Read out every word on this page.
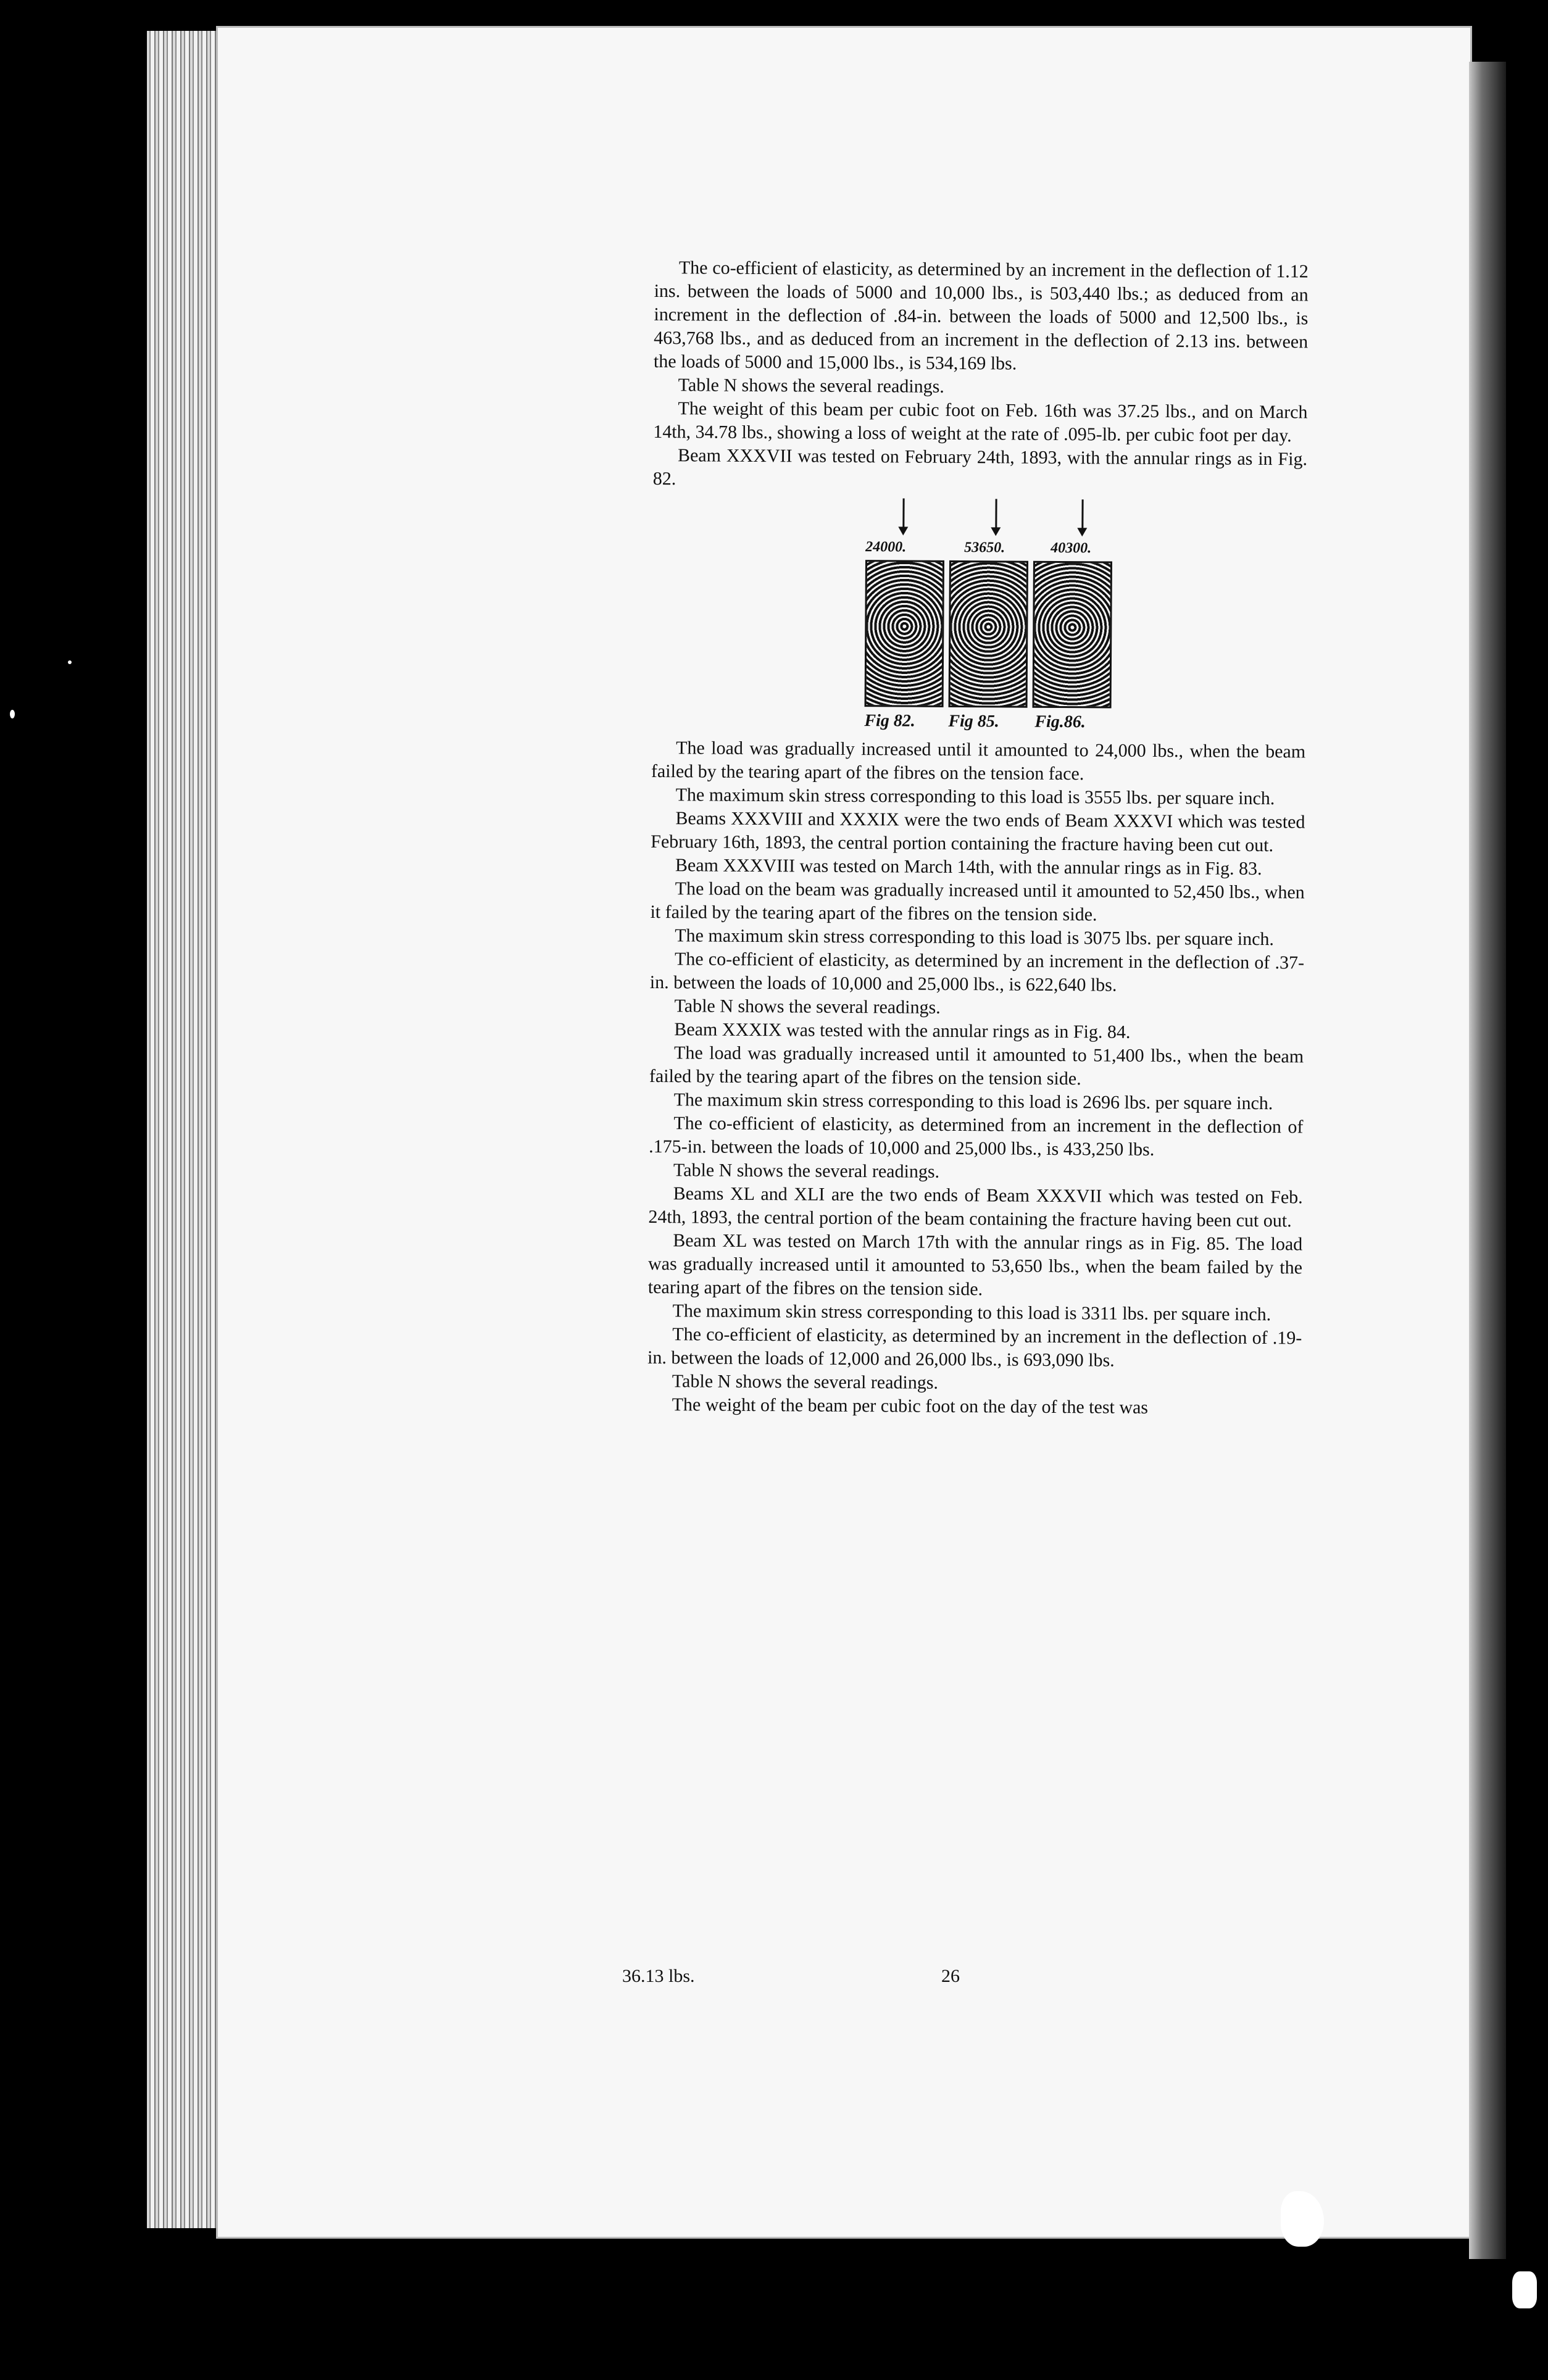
The co-efficient of elasticity, as determined by an increment in the deflection of 1.12 ins. between the loads of 5000 and 10,000 lbs., is 503,440 lbs.; as deduced from an increment in the deflection of .84-in. between the loads of 5000 and 12,500 lbs., is 463,768 lbs., and as deduced from an increment in the deflection of 2.13 ins. between the loads of 5000 and 15,000 lbs., is 534,169 lbs.

Table N shows the several readings.

The weight of this beam per cubic foot on Feb. 16th was 37.25 lbs., and on March 14th, 34.78 lbs., showing a loss of weight at the rate of .095-lb. per cubic foot per day.

Beam XXXVII was tested on February 24th, 1893, with the annular rings as in Fig. 82.

24000.	53650.	40300.
Fig 82. Fig 85. Fig.86.

The load was gradually increased until it amounted to 24,000 lbs., when the beam failed by the tearing apart of the fibres on the tension face.

The maximum skin stress corresponding to this load is 3555 lbs. per square inch.

Beams XXXVIII and XXXIX were the two ends of Beam XXXVI which was tested February 16th, 1893, the central portion containing the fracture having been cut out.

Beam XXXVIII was tested on March 14th, with the annular rings as in Fig. 83.

The load on the beam was gradually increased until it amounted to 52,450 lbs., when it failed by the tearing apart of the fibres on the tension side.

The maximum skin stress corresponding to this load is 3075 lbs. per square inch.

The co-efficient of elasticity, as determined by an increment in the deflection of .37-in. between the loads of 10,000 and 25,000 lbs., is 622,640 lbs.

Table N shows the several readings.

Beam XXXIX was tested with the annular rings as in Fig. 84.

The load was gradually increased until it amounted to 51,400 lbs., when the beam failed by the tearing apart of the fibres on the tension side.

The maximum skin stress corresponding to this load is 2696 lbs. per square inch.

The co-efficient of elasticity, as determined from an increment in the deflection of .175-in. between the loads of 10,000 and 25,000 lbs., is 433,250 lbs.

Table N shows the several readings.

Beams XL and XLI are the two ends of Beam XXXVII which was tested on Feb. 24th, 1893, the central portion of the beam containing the fracture having been cut out.

Beam XL was tested on March 17th with the annular rings as in Fig. 85. The load was gradually increased until it amounted to 53,650 lbs., when the beam failed by the tearing apart of the fibres on the tension side.

The maximum skin stress corresponding to this load is 3311 lbs. per square inch.

The co-efficient of elasticity, as determined by an increment in the deflection of .19-in. between the loads of 12,000 and 26,000 lbs., is 693,090 lbs.

Table N shows the several readings.

The weight of the beam per cubic foot on the day of the test was

36.13 lbs.	26
